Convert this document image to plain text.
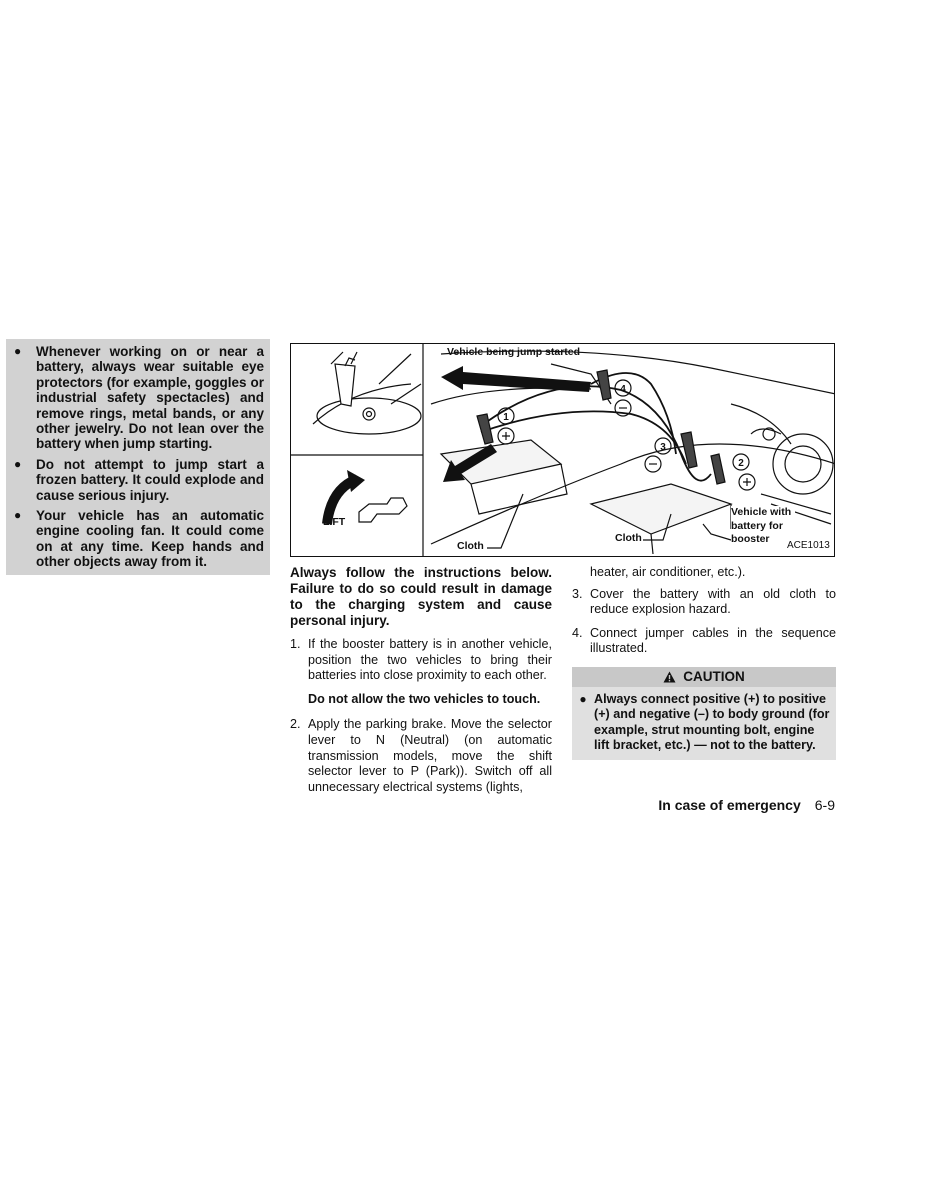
●	Whenever working on or near a battery, always wear suitable eye protectors (for example, goggles or industrial safety spectacles) and remove rings, metal bands, or any other jewelry. Do not lean over the battery when jump starting.
●	Do not attempt to jump start a frozen battery. It could explode and cause serious injury.
●	Your vehicle has an automatic engine cooling fan. It could come on at any time. Keep hands and other objects away from it.
1
2
3
4
Vehicle being jump started
LIFT
Cloth
Cloth
Vehicle with battery for booster
ACE1013

Always follow the instructions below. Failure to do so could result in damage to the charging system and cause personal injury.

1. If the booster battery is in another vehicle, position the two vehicles to bring their batteries into close proximity to each other.
Do not allow the two vehicles to touch.
2. Apply the parking brake. Move the selector lever to N (Neutral) (on automatic transmission models, move the shift selector lever to P (Park)). Switch off all unnecessary electrical systems (lights,
heater, air conditioner, etc.).
3. Cover the battery with an old cloth to reduce explosion hazard.
4. Connect jumper cables in the sequence illustrated.
CAUTION
● Always connect positive (+) to positive (+) and negative (–) to body ground (for example, strut mounting bolt, engine lift bracket, etc.) — not to the battery.
In case of emergency 6-9
